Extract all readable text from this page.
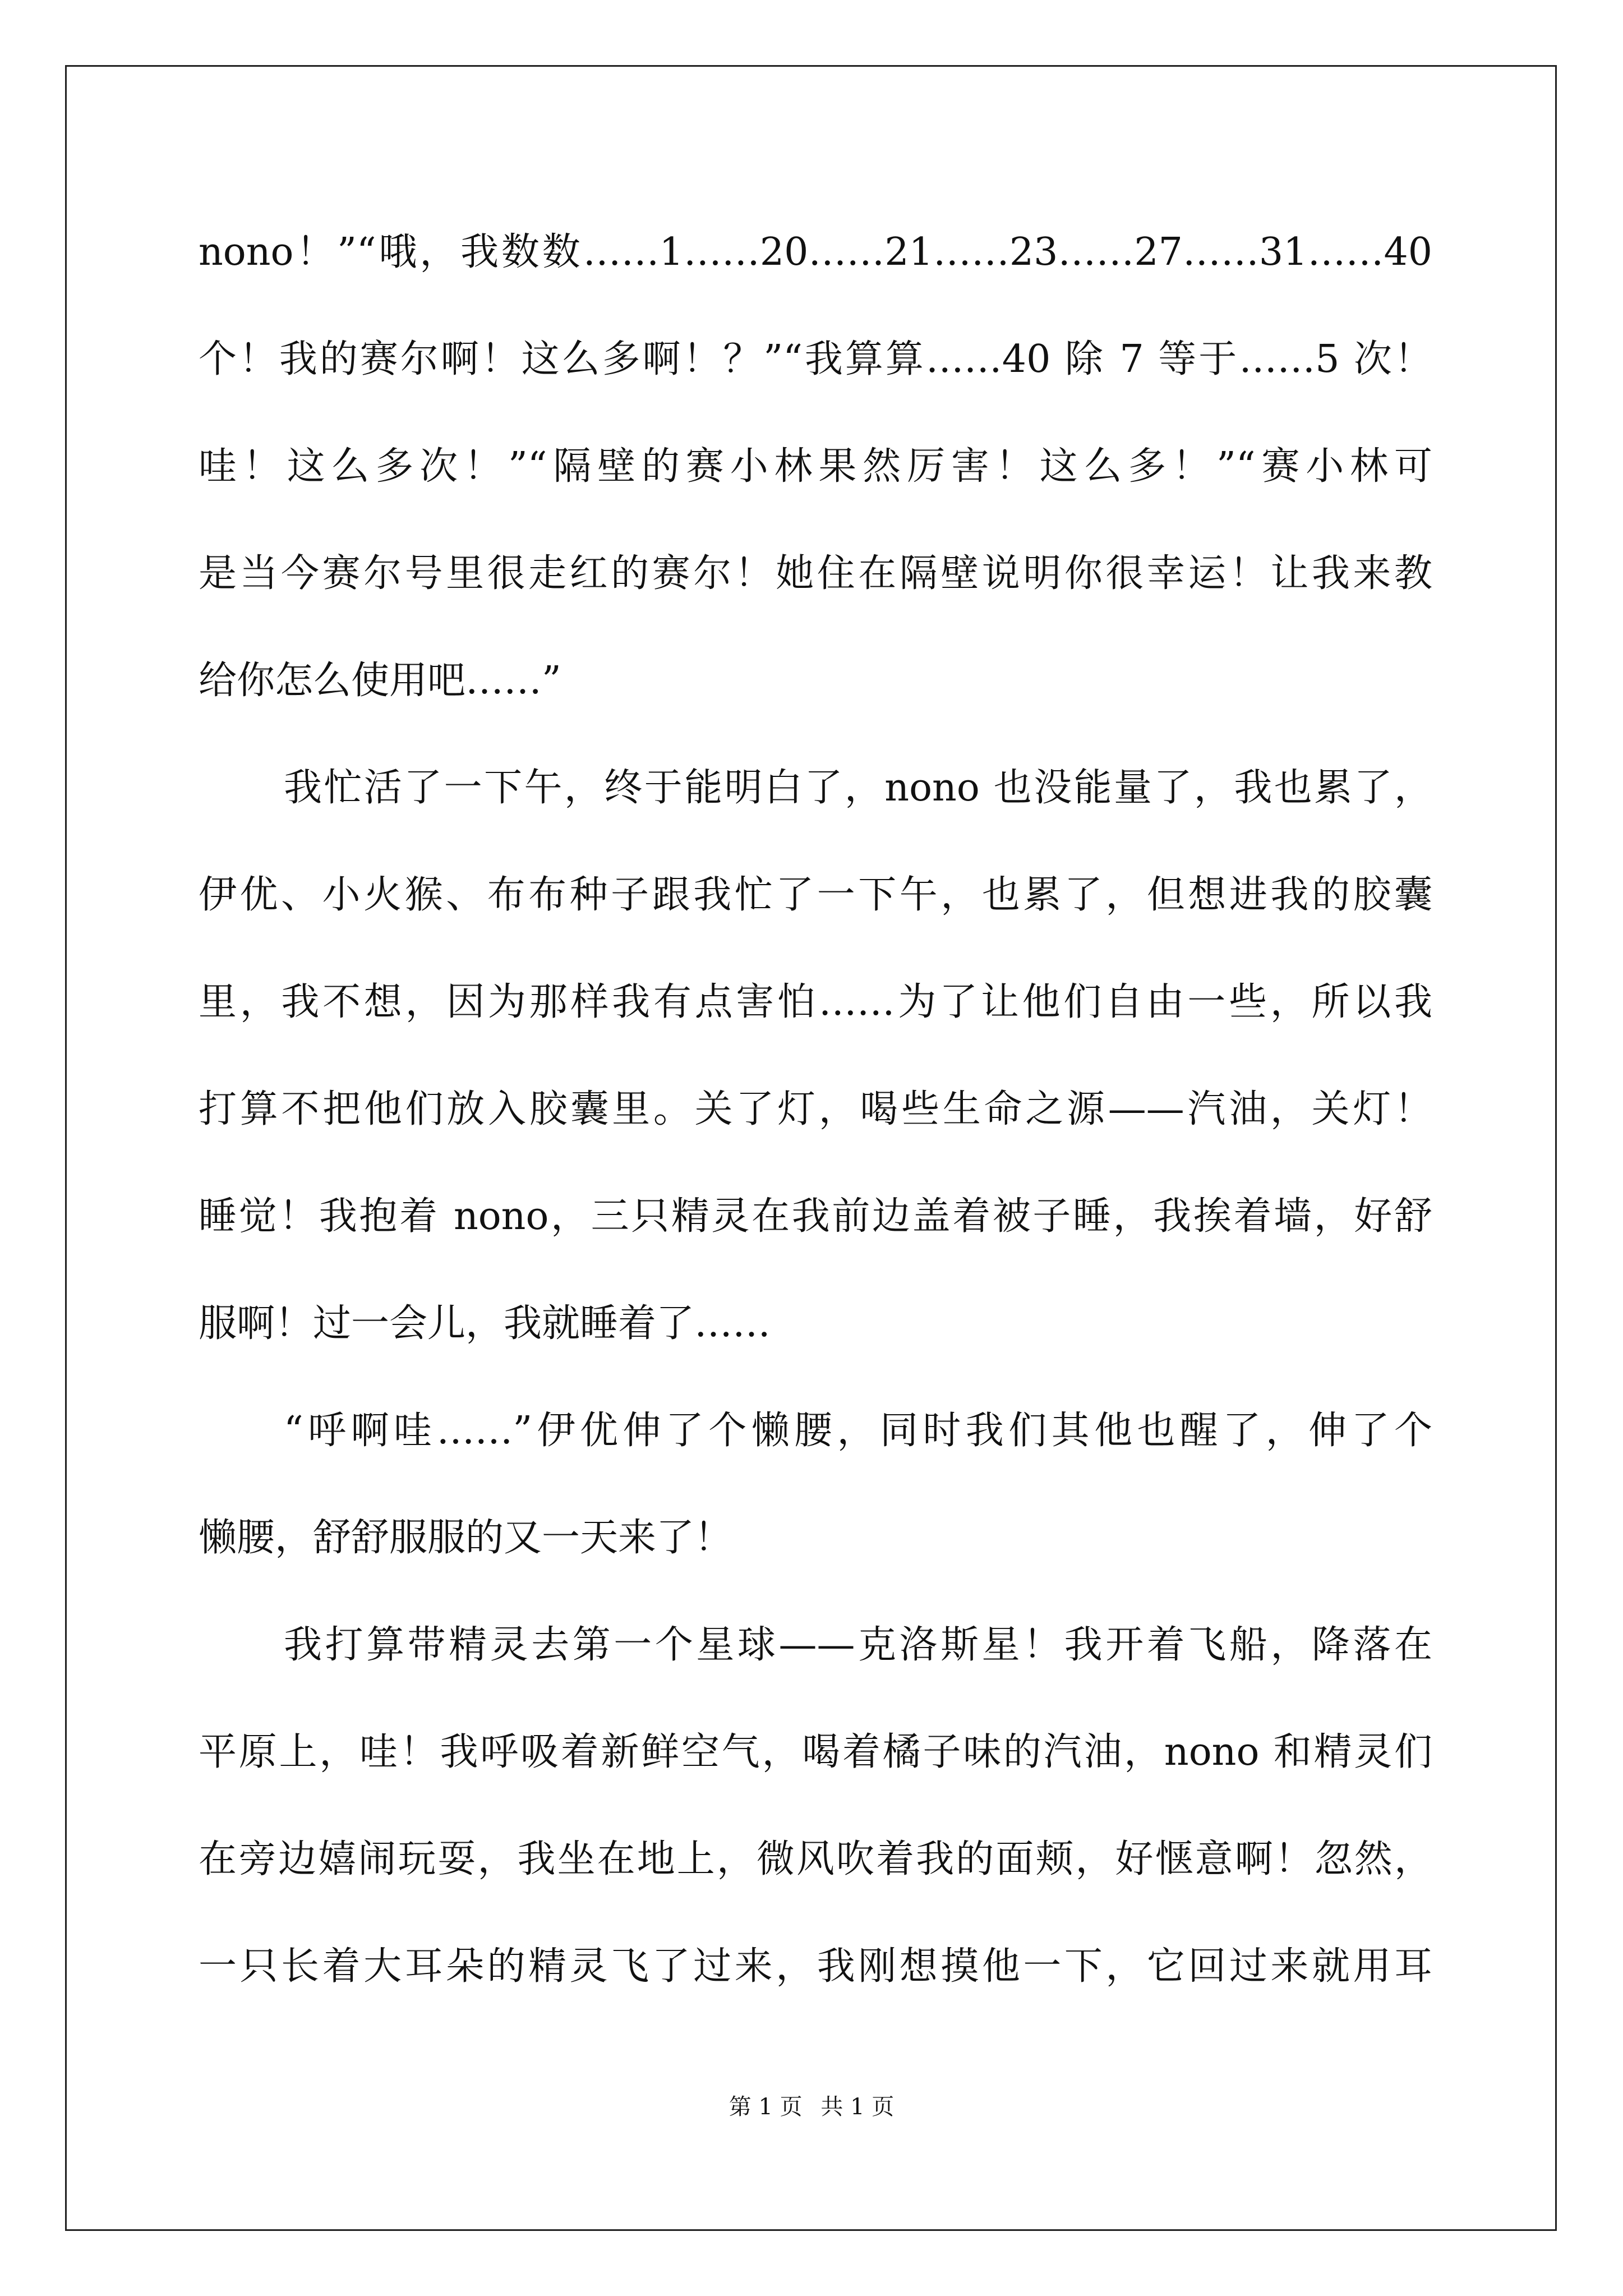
nono！”“哦，我数数……1……20……21……23……27……31……40
个！我的赛尔啊！这么多啊！？”“我算算……40 除 7 等于……5 次！
哇！这么多次！”“隔壁的赛小林果然厉害！这么多！”“赛小林可
是当今赛尔号里很走红的赛尔！她住在隔壁说明你很幸运！让我来教
给你怎么使用吧……”
我忙活了一下午，终于能明白了，nono 也没能量了，我也累了，
伊优、小火猴、布布种子跟我忙了一下午，也累了，但想进我的胶囊
里，我不想，因为那样我有点害怕……为了让他们自由一些，所以我
打算不把他们放入胶囊里。关了灯，喝些生命之源——汽油，关灯！
睡觉！我抱着 nono，三只精灵在我前边盖着被子睡，我挨着墙，好舒
服啊！过一会儿，我就睡着了……
“呼啊哇……”伊优伸了个懒腰，同时我们其他也醒了，伸了个
懒腰，舒舒服服的又一天来了！
我打算带精灵去第一个星球——克洛斯星！我开着飞船，降落在
平原上，哇！我呼吸着新鲜空气，喝着橘子味的汽油，nono 和精灵们
在旁边嬉闹玩耍，我坐在地上，微风吹着我的面颊，好惬意啊！忽然，
一只长着大耳朵的精灵飞了过来，我刚想摸他一下，它回过来就用耳
第 1 页 共 1 页
